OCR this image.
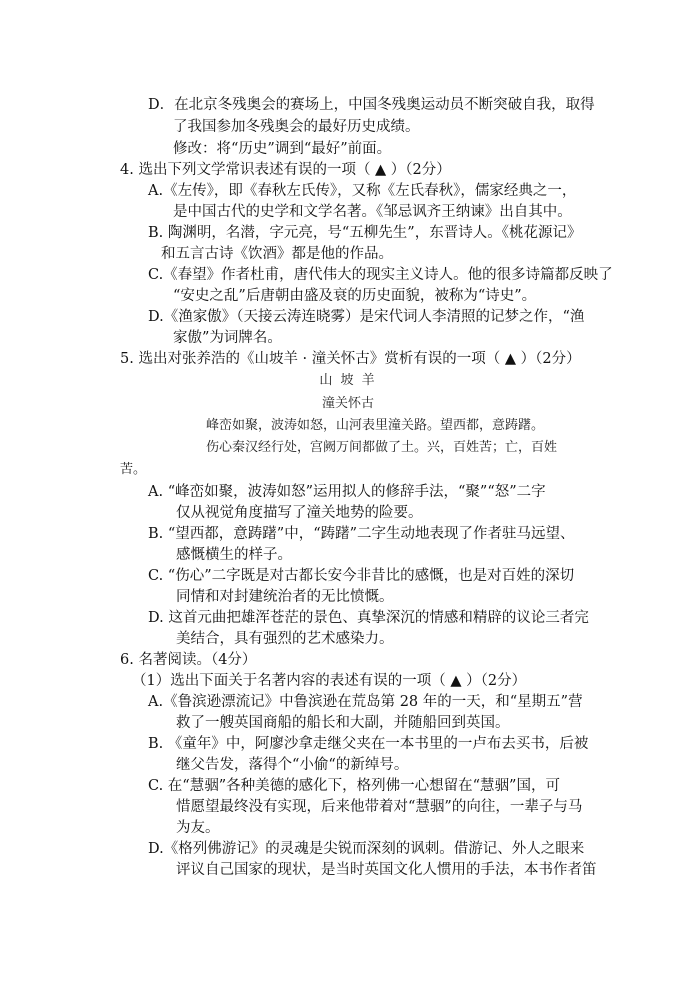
D．在北京冬残奥会的赛场上，中国冬残奥运动员不断突破自我，取得
了我国参加冬残奥会的最好历史成绩。
修改：将“历史”调到“最好”前面。
4. 选出下列文学常识表述有误的一项（ ▲ ）（2分）
A.《左传》，即《春秋左氏传》，又称《左氏春秋》，儒家经典之一，
是中国古代的史学和文学名著。《邹忌讽齐王纳谏》出自其中。
B. 陶渊明，名潜，字元亮，号“五柳先生”，东晋诗人。《桃花源记》
和五言古诗《饮酒》都是他的作品。
C.《春望》作者杜甫，唐代伟大的现实主义诗人。他的很多诗篇都反映了
“安史之乱”后唐朝由盛及衰的历史面貌，被称为“诗史”。
D.《渔家傲》（天接云涛连晓雾）是宋代词人李清照的记梦之作，“渔
家傲”为词牌名。
5. 选出对张养浩的《山坡羊 · 潼关怀古》赏析有误的一项（ ▲ ）（2分）
山 坡 羊
潼关怀古
峰峦如聚，波涛如怒，山河表里潼关路。望西都，意踌躇。
伤心秦汉经行处，宫阙万间都做了土。兴，百姓苦；亡，百姓
苦。
A. “峰峦如聚，波涛如怒”运用拟人的修辞手法，“聚”“怒”二字
仅从视觉角度描写了潼关地势的险要。
B. “望西都，意踌躇”中，“踌躇”二字生动地表现了作者驻马远望、
感慨横生的样子。
C. “伤心”二字既是对古都长安今非昔比的感慨，也是对百姓的深切
同情和对封建统治者的无比愤慨。
D. 这首元曲把雄浑苍茫的景色、真挚深沉的情感和精辟的议论三者完
美结合，具有强烈的艺术感染力。
6. 名著阅读。（4分）
（1）选出下面关于名著内容的表述有误的一项（ ▲ ）（2分）
A.《鲁滨逊漂流记》中鲁滨逊在荒岛第 28 年的一天，和“星期五”营
救了一艘英国商船的船长和大副，并随船回到英国。
B. 《童年》中，阿廖沙拿走继父夹在一本书里的一卢布去买书，后被
继父告发，落得个“小偷“的新绰号。
C. 在“慧骃”各种美德的感化下，格列佛一心想留在“慧骃”国，可
惜愿望最终没有实现，后来他带着对“慧骃”的向往，一辈子与马
为友。
D.《格列佛游记》的灵魂是尖锐而深刻的讽刺。借游记、外人之眼来
评议自己国家的现状，是当时英国文化人惯用的手法，本书作者笛
